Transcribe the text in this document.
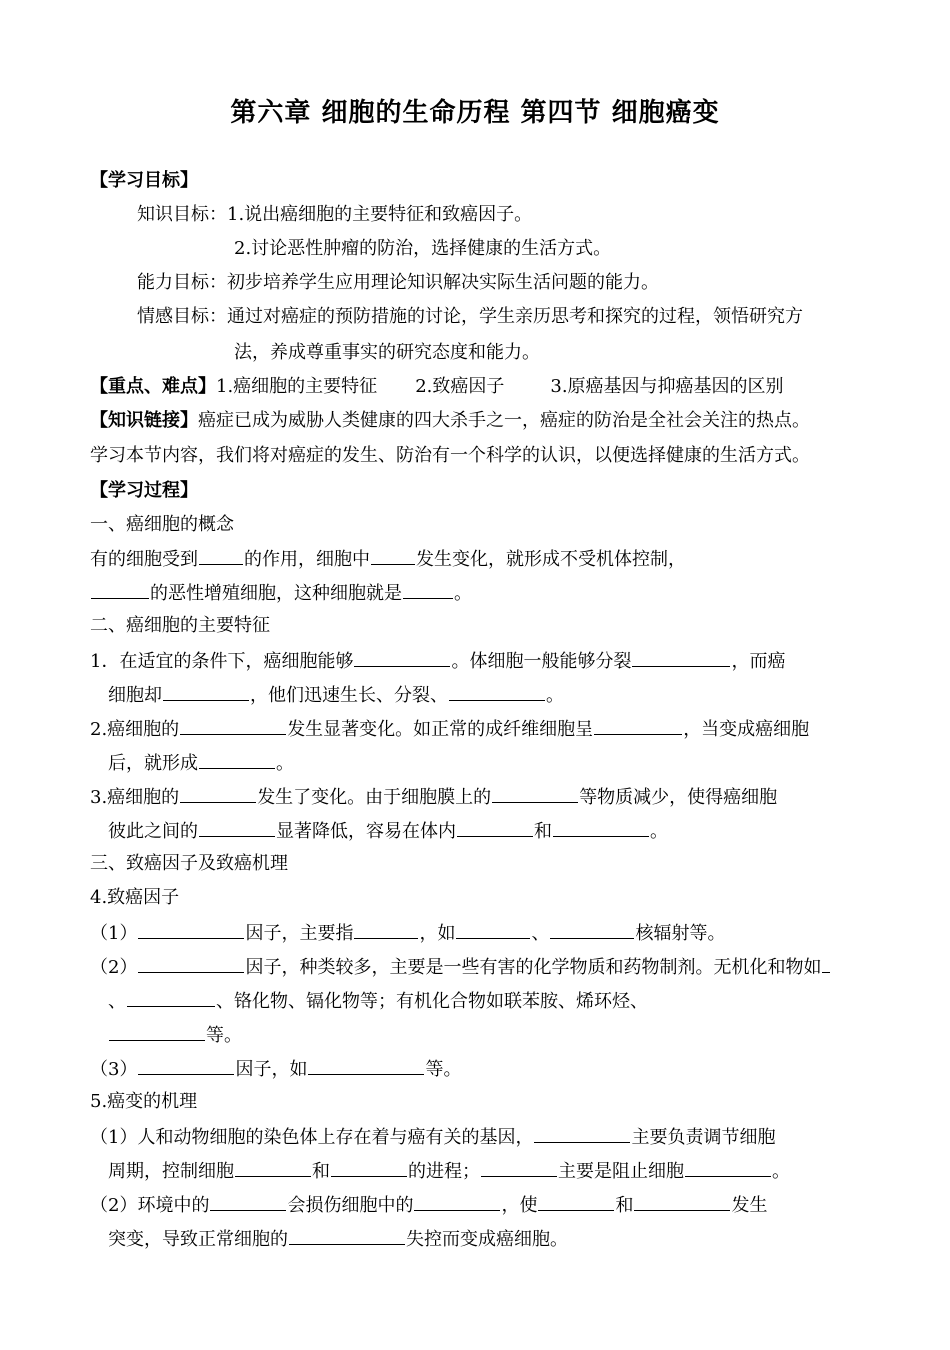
第六章 细胞的生命历程 第四节 细胞癌变
【学习目标】
知识目标：1.说出癌细胞的主要特征和致癌因子。
2.讨论恶性肿瘤的防治，选择健康的生活方式。
能力目标：初步培养学生应用理论知识解决实际生活问题的能力。
情感目标：通过对癌症的预防措施的讨论，学生亲历思考和探究的过程，领悟研究方
法，养成尊重事实的研究态度和能力。
【重点、难点】1.癌细胞的主要特征 2.致癌因子	3.原癌基因与抑癌基因的区别
【知识链接】癌症已成为威胁人类健康的四大杀手之一，癌症的防治是全社会关注的热点。
学习本节内容，我们将对癌症的发生、防治有一个科学的认识，以便选择健康的生活方式。
【学习过程】
一、癌细胞的概念
有的细胞受到	的作用，细胞中	发生变化，就形成不受机体控制，
的恶性增殖细胞，这种细胞就是	。
二、癌细胞的主要特征
1．在适宜的条件下，癌细胞能够	。体细胞一般能够分裂	，而癌
细胞却	，他们迅速生长、分裂、	。
2.癌细胞的	发生显著变化。如正常的成纤维细胞呈	，当变成癌细胞
后，就形成	。
3.癌细胞的	发生了变化。由于细胞膜上的	等物质减少，使得癌细胞
彼此之间的	显著降低，容易在体内	和	。
三、致癌因子及致癌机理
4.致癌因子
（1）	因子，主要指	，如	、	核辐射等。
（2）	因子，种类较多，主要是一些有害的化学物质和药物制剂。无机化和物如
、	、铬化物、镉化物等；有机化合物如联苯胺、烯环烃、
等。
（3）	因子，如	等。
5.癌变的机理
（1）人和动物细胞的染色体上存在着与癌有关的基因，	主要负责调节细胞
周期，控制细胞	和	的进程；	主要是阻止细胞	。
（2）环境中的	会损伤细胞中的	，使	和	发生
突变，导致正常细胞的	失控而变成癌细胞。
